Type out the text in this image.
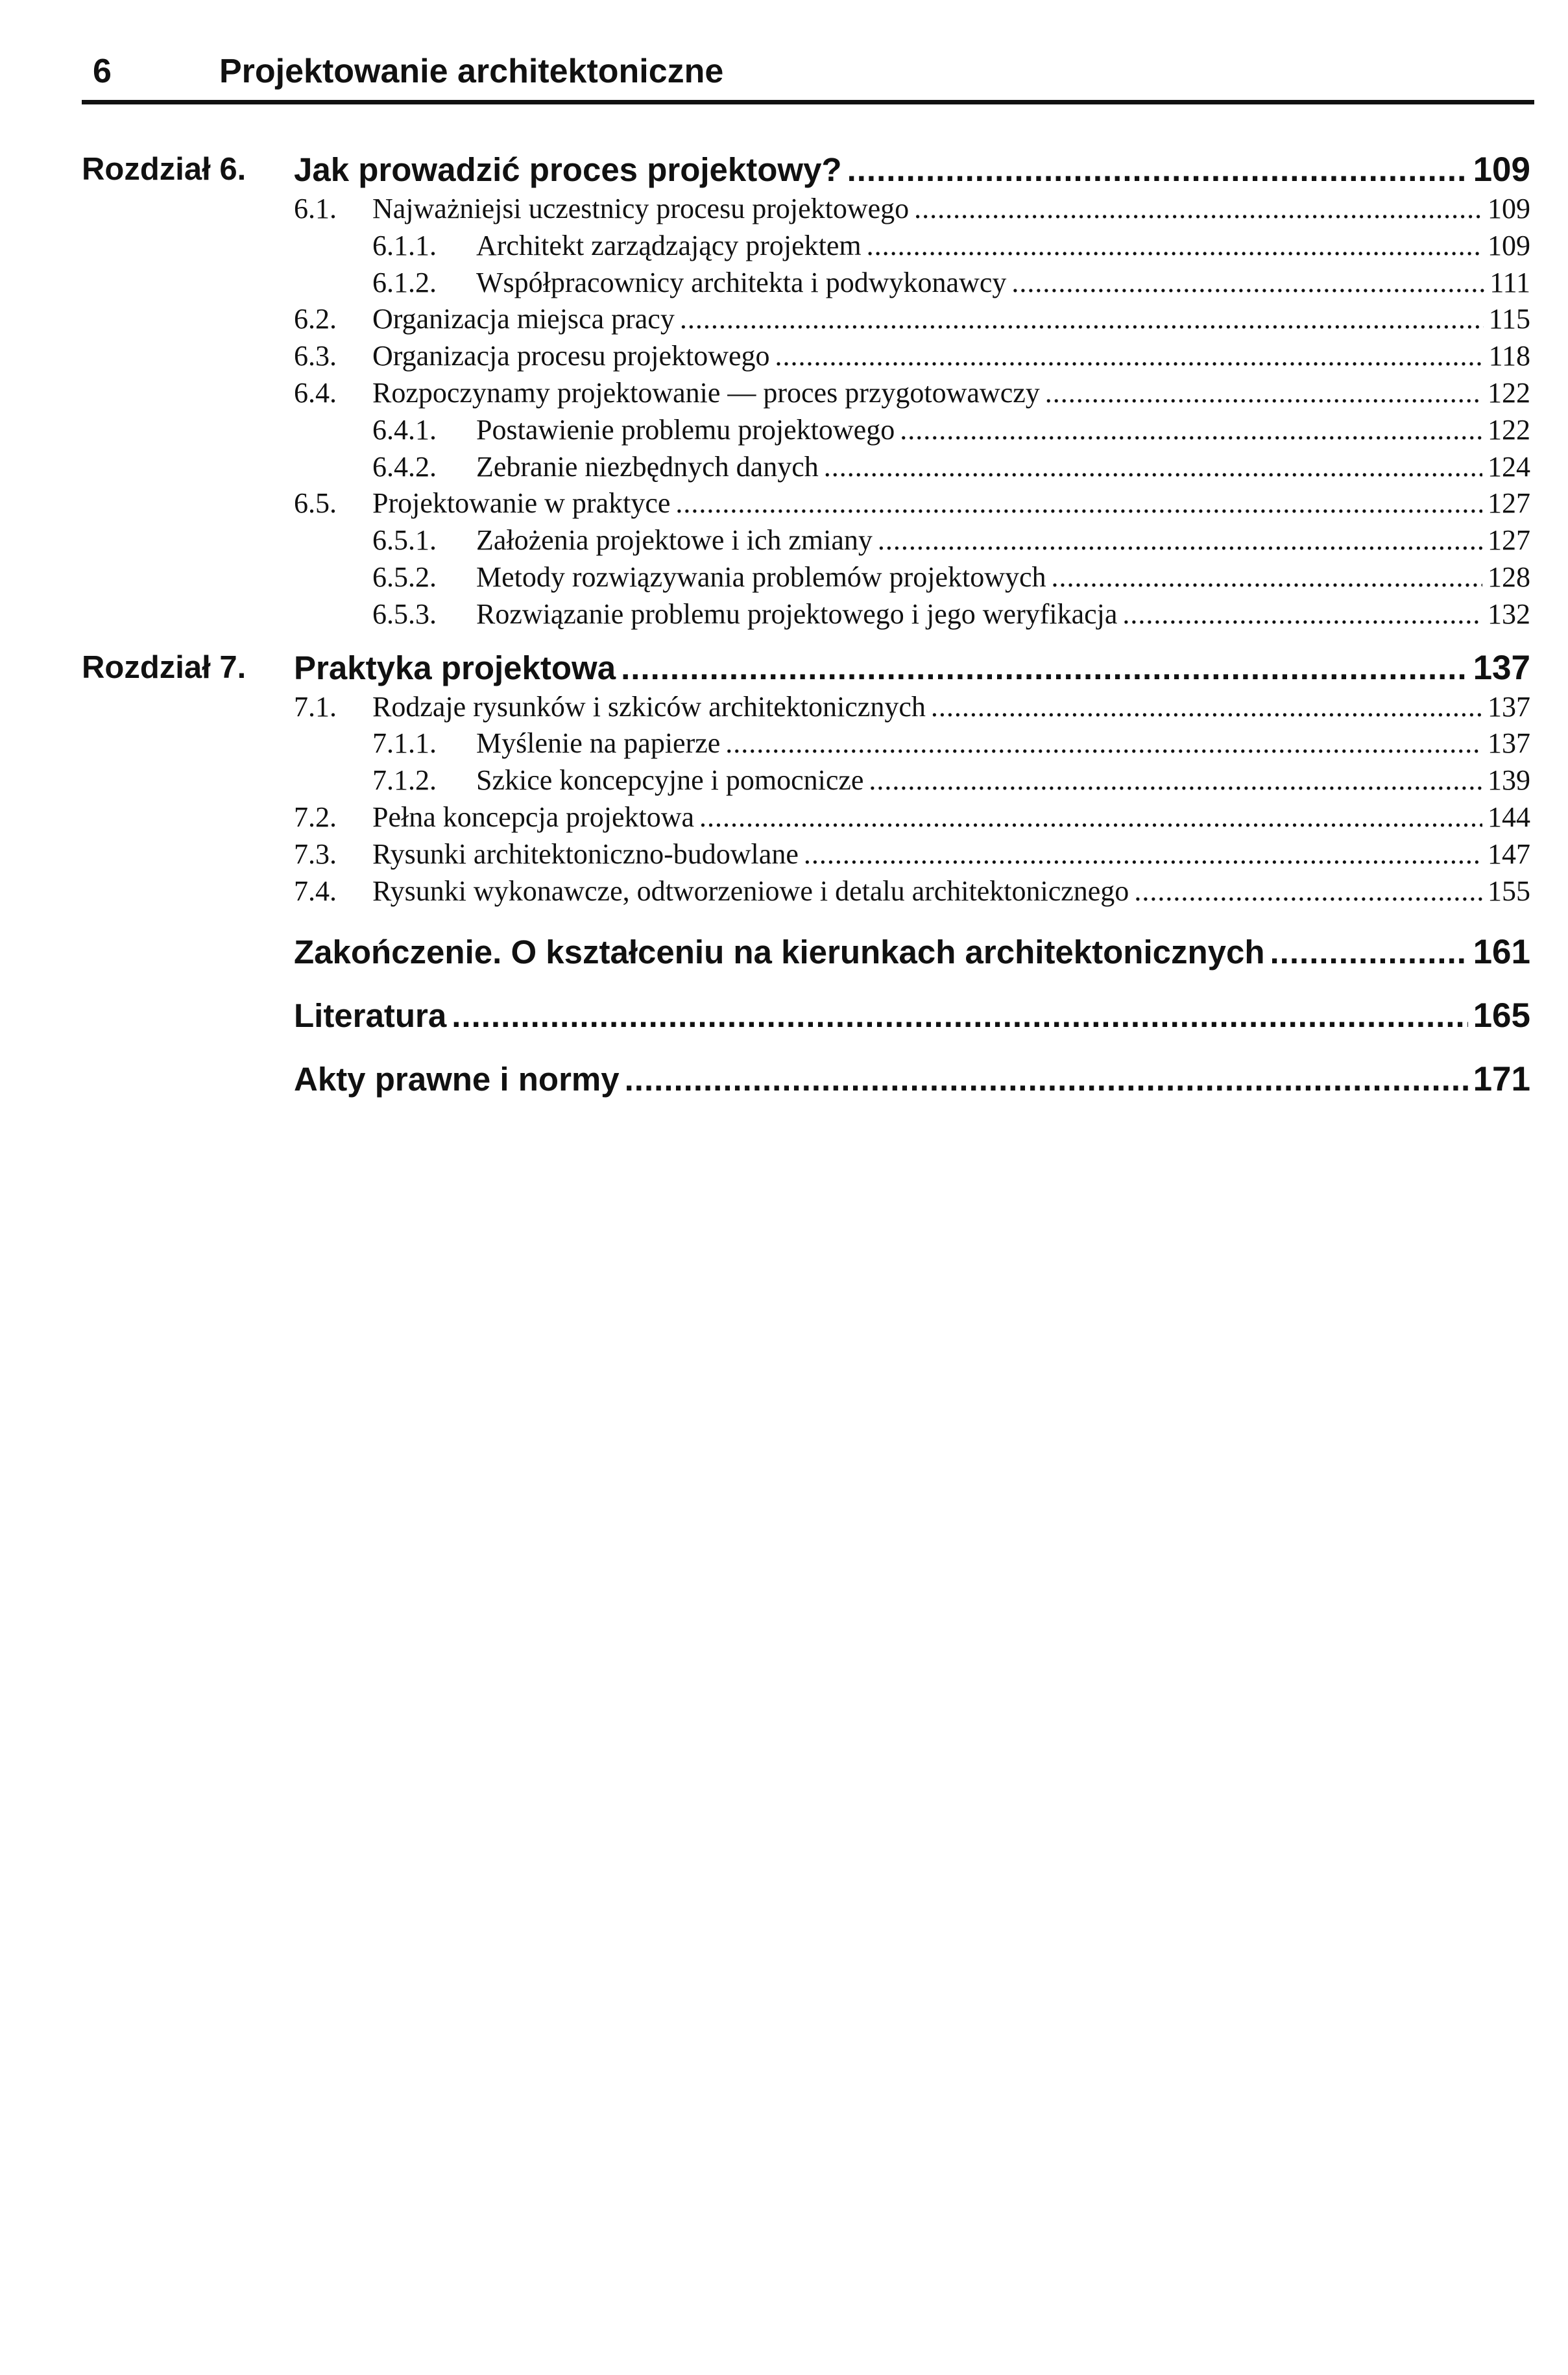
6	Projektowanie architektoniczne
Rozdział 6. Jak prowadzić proces projektowy? .....	109
6.1.	Najważniejsi uczestnicy procesu projektowego .....	109
6.1.1.	Architekt zarządzający projektem .....	109
6.1.2.	Współpracownicy architekta i podwykonawcy .....	111
6.2.	Organizacja miejsca pracy .....	115
6.3.	Organizacja procesu projektowego .....	118
6.4.	Rozpoczynamy projektowanie — proces przygotowawczy .....	122
6.4.1.	Postawienie problemu projektowego .....	122
6.4.2.	Zebranie niezbędnych danych .....	124
6.5.	Projektowanie w praktyce .....	127
6.5.1.	Założenia projektowe i ich zmiany .....	127
6.5.2.	Metody rozwiązywania problemów projektowych .....	128
6.5.3.	Rozwiązanie problemu projektowego i jego weryfikacja .....	132
Rozdział 7. Praktyka projektowa .....	137
7.1.	Rodzaje rysunków i szkiców architektonicznych .....	137
7.1.1.	Myślenie na papierze .....	137
7.1.2.	Szkice koncepcyjne i pomocnicze .....	139
7.2.	Pełna koncepcja projektowa .....	144
7.3.	Rysunki architektoniczno-budowlane .....	147
7.4.	Rysunki wykonawcze, odtworzeniowe i detalu architektonicznego .....	155
Zakończenie. O kształceniu na kierunkach architektonicznych .....	161
Literatura .....	165
Akty prawne i normy .....	171
